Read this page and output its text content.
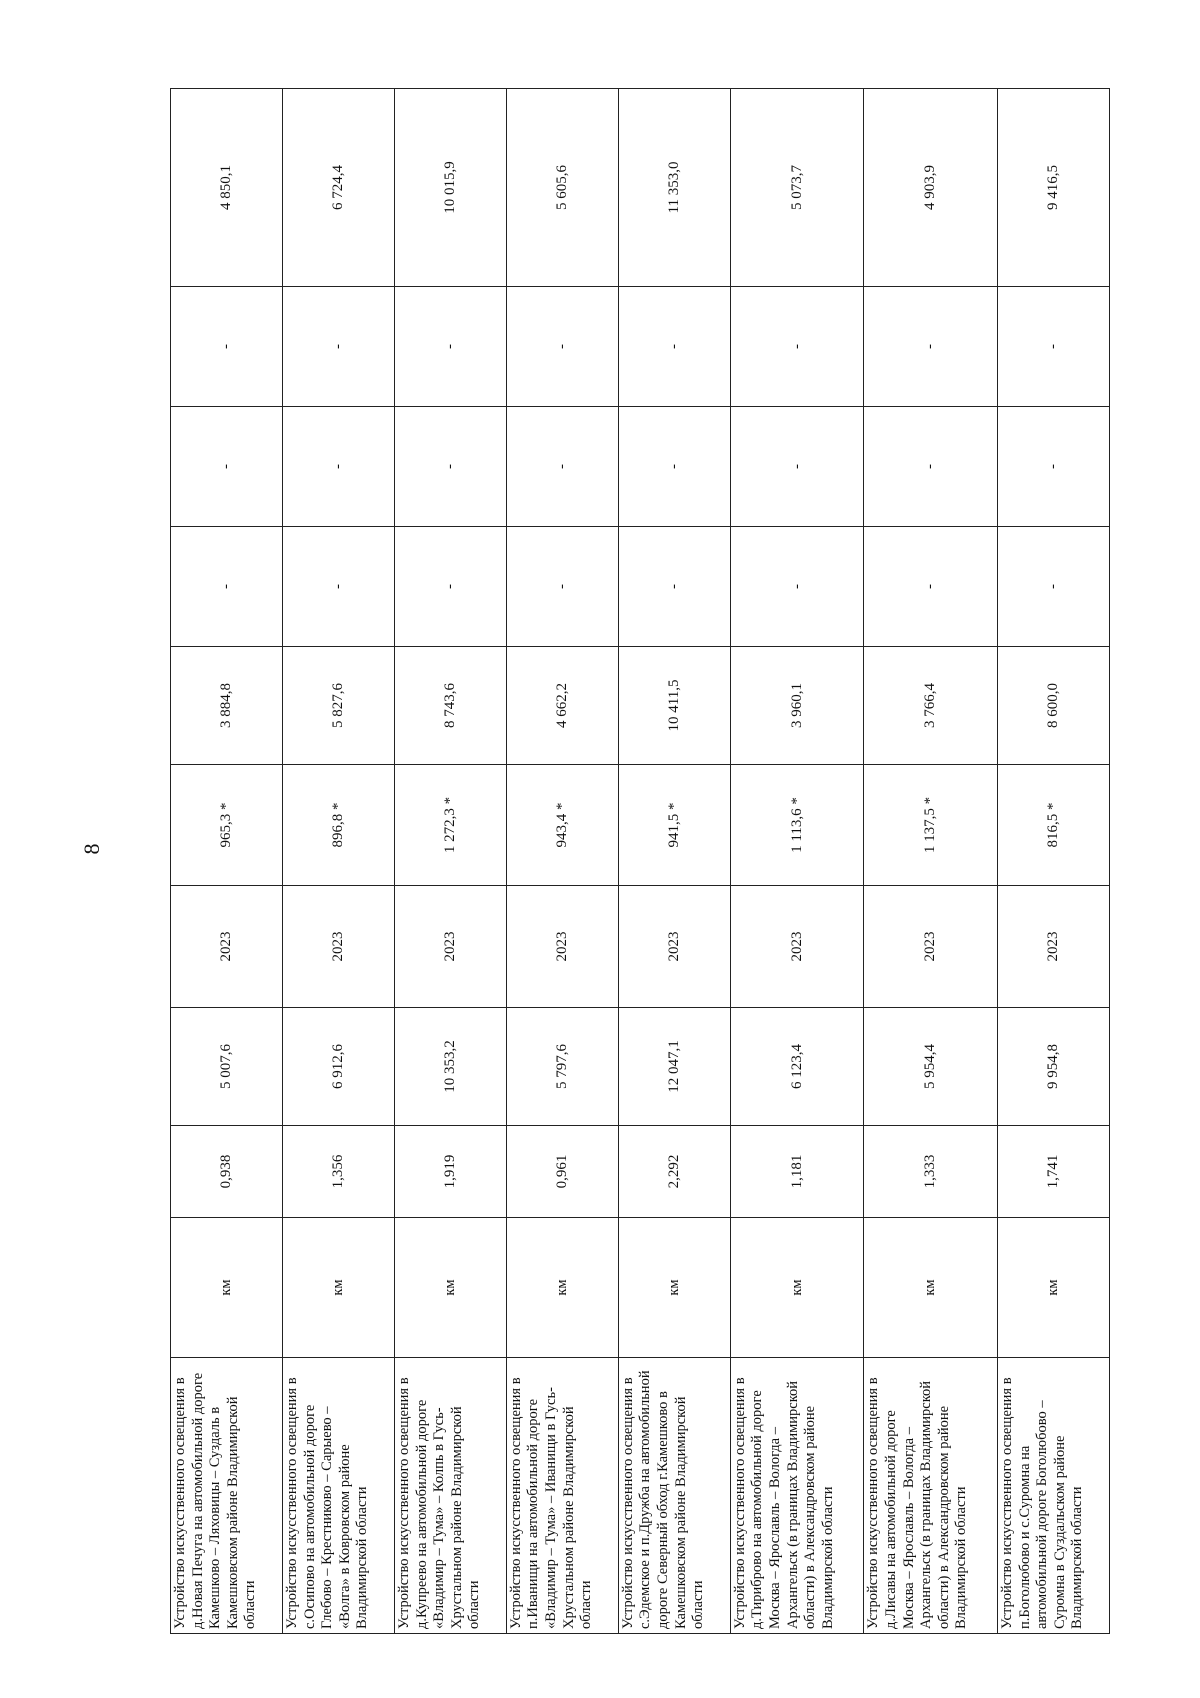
8
Устройство искусственного освещения в д.Новая Печуга на автомобильной дороге Камешково – Ляховицы – Суздаль в Камешковском районе Владимирской области	км	0,938	5 007,6	2023	965,3 *	3 884,8	-	-	-	4 850,1
Устройство искусственного освещения в с.Осипово на автомобильной дороге Глебово – Крестниково – Сарыево – «Волга» в Ковровском районе Владимирской области	км	1,356	6 912,6	2023	896,8 *	5 827,6	-	-	-	6 724,4
Устройство искусственного освещения в д.Купреево на автомобильной дороге «Владимир – Тума» – Колпь в Гусь-Хрустальном районе Владимирской области	км	1,919	10 353,2	2023	1 272,3 *	8 743,6	-	-	-	10 015,9
Устройство искусственного освещения в п.Иванищи на автомобильной дороге «Владимир – Тума» – Иванищи в Гусь-Хрустальном районе Владимирской области	км	0,961	5 797,6	2023	943,4 *	4 662,2	-	-	-	5 605,6
Устройство искусственного освещения в с.Эдемское и п.Дружба на автомобильной дороге Северный обход г.Камешково в Камешковском районе Владимирской области	км	2,292	12 047,1	2023	941,5 *	10 411,5	-	-	-	11 353,0
Устройство искусственного освещения в д.Тириброво на автомобильной дороге Москва – Ярославль – Вологда – Архангельск (в границах Владимирской области) в Александровском районе Владимирской области	км	1,181	6 123,4	2023	1 113,6 *	3 960,1	-	-	-	5 073,7
Устройство искусственного освещения в д.Лисавы на автомобильной дороге Москва – Ярославль – Вологда – Архангельск (в границах Владимирской области) в Александровском районе Владимирской области	км	1,333	5 954,4	2023	1 137,5 *	3 766,4	-	-	-	4 903,9
Устройство искусственного освещения в п.Боголюбово и с.Суромна на автомобильной дороге Боголюбово – Суромна в Суздальском районе Владимирской области	км	1,741	9 954,8	2023	816,5 *	8 600,0	-	-	-	9 416,5
